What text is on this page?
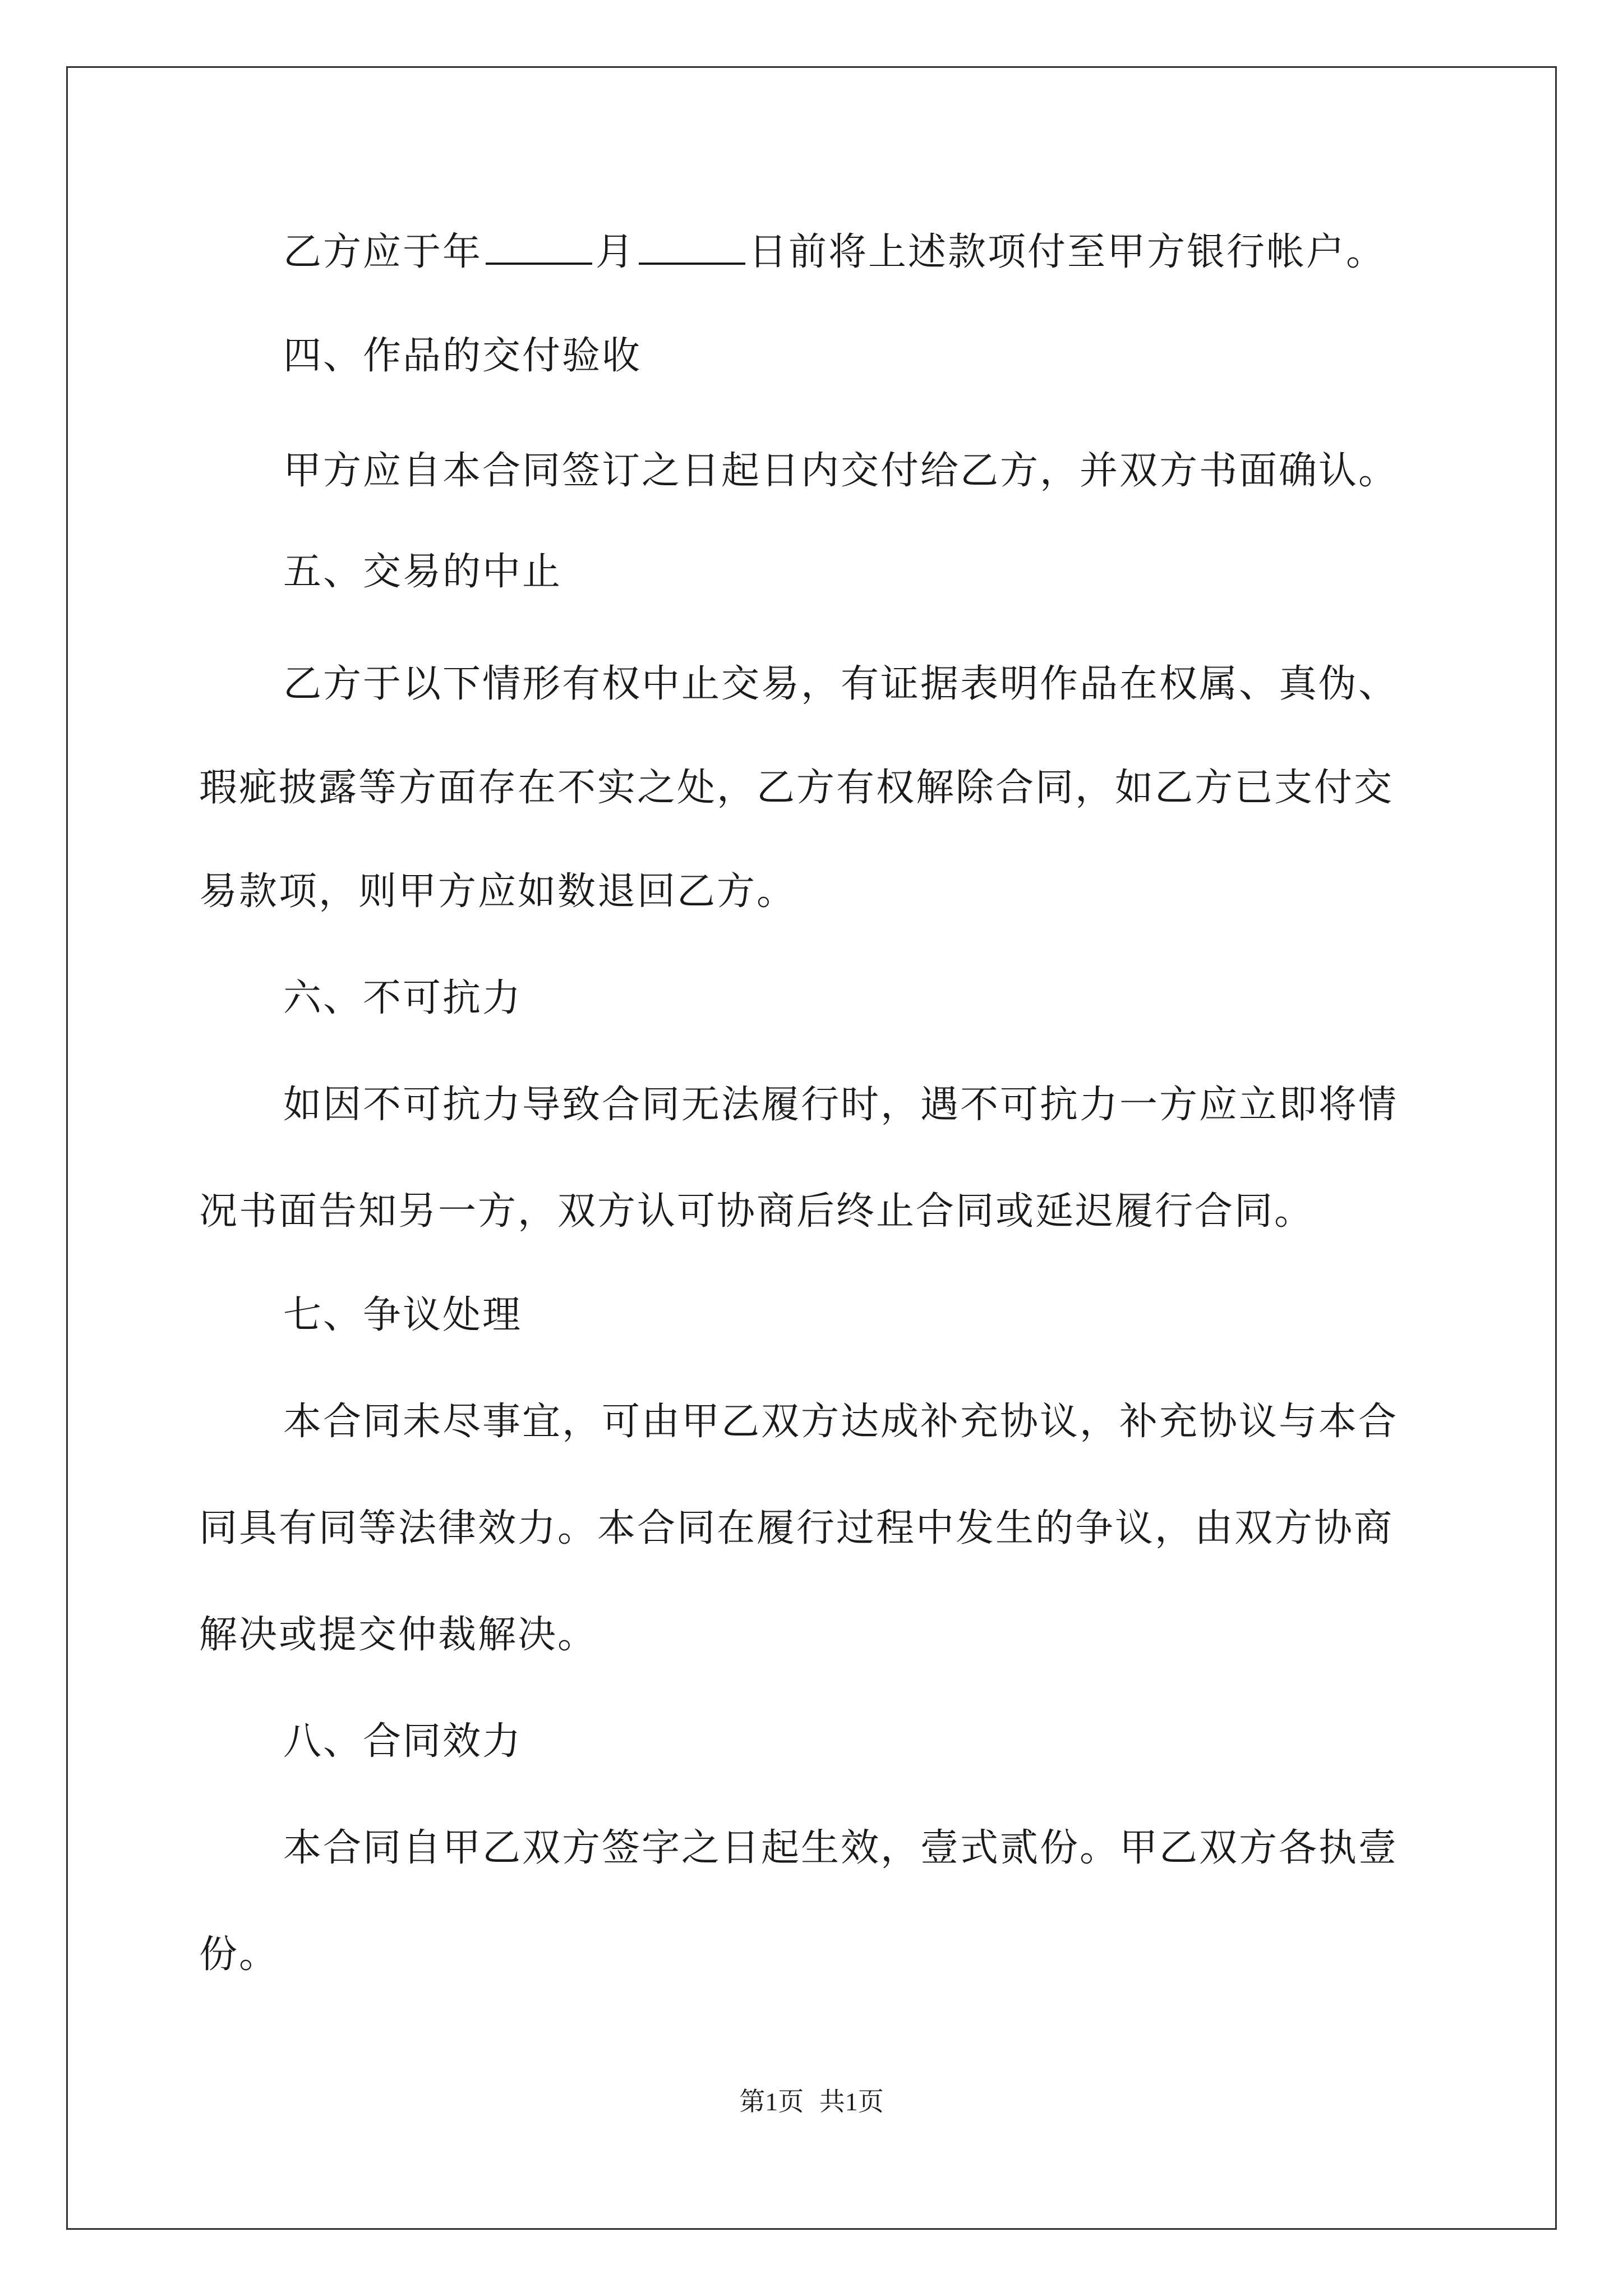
乙方应于年	月	日前将上述款项付至甲方银行帐户。
四、作品的交付验收
甲方应自本合同签订之日起日内交付给乙方，并双方书面确认。
五、交易的中止
乙方于以下情形有权中止交易，有证据表明作品在权属、真伪、
瑕疵披露等方面存在不实之处，乙方有权解除合同，如乙方已支付交
易款项，则甲方应如数退回乙方。
六、不可抗力
如因不可抗力导致合同无法履行时，遇不可抗力一方应立即将情
况书面告知另一方，双方认可协商后终止合同或延迟履行合同。
七、争议处理
本合同未尽事宜，可由甲乙双方达成补充协议，补充协议与本合
同具有同等法律效力。本合同在履行过程中发生的争议，由双方协商
解决或提交仲裁解决。
八、合同效力
本合同自甲乙双方签字之日起生效，壹式贰份。甲乙双方各执壹
份。
第1页 共1页
